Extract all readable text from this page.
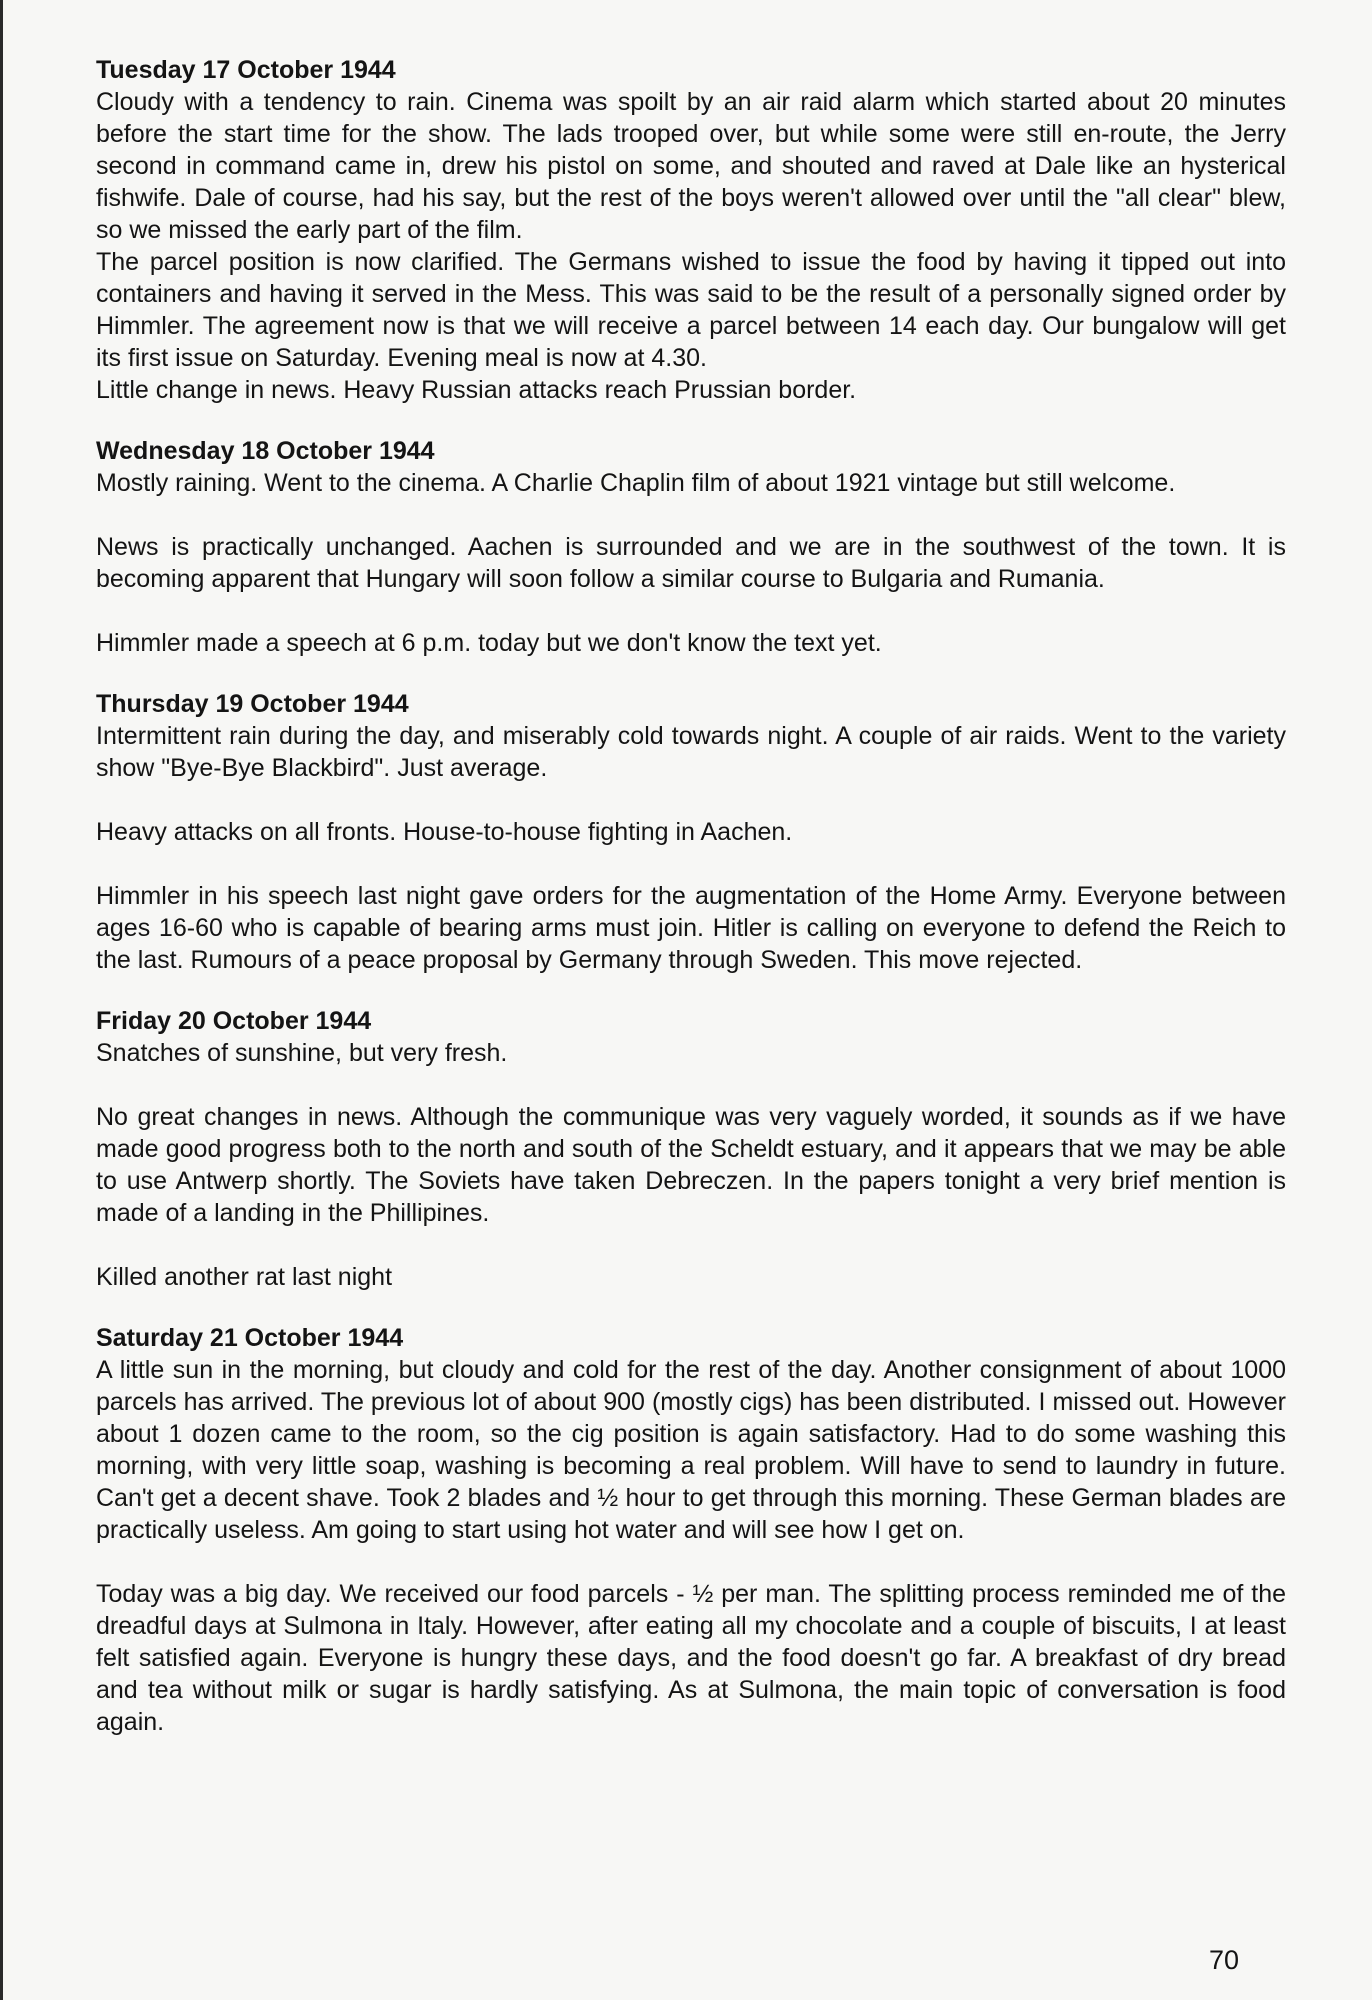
Tuesday 17 October 1944

Cloudy with a tendency to rain. Cinema was spoilt by an air raid alarm which started about 20 minutes before the start time for the show. The lads trooped over, but while some were still en-route, the Jerry second in command came in, drew his pistol on some, and shouted and raved at Dale like an hysterical fishwife. Dale of course, had his say, but the rest of the boys weren't allowed over until the "all clear" blew, so we missed the early part of the film.

The parcel position is now clarified. The Germans wished to issue the food by having it tipped out into containers and having it served in the Mess. This was said to be the result of a personally signed order by Himmler. The agreement now is that we will receive a parcel between 14 each day. Our bungalow will get its first issue on Saturday. Evening meal is now at 4.30.

Little change in news. Heavy Russian attacks reach Prussian border.

Wednesday 18 October 1944

Mostly raining. Went to the cinema. A Charlie Chaplin film of about 1921 vintage but still welcome.

News is practically unchanged. Aachen is surrounded and we are in the southwest of the town. It is becoming apparent that Hungary will soon follow a similar course to Bulgaria and Rumania.

Himmler made a speech at 6 p.m. today but we don't know the text yet.

Thursday 19 October 1944

Intermittent rain during the day, and miserably cold towards night. A couple of air raids. Went to the variety show "Bye-Bye Blackbird". Just average.

Heavy attacks on all fronts. House-to-house fighting in Aachen.

Himmler in his speech last night gave orders for the augmentation of the Home Army. Everyone between ages 16-60 who is capable of bearing arms must join. Hitler is calling on everyone to defend the Reich to the last. Rumours of a peace proposal by Germany through Sweden. This move rejected.

Friday 20 October 1944

Snatches of sunshine, but very fresh.

No great changes in news. Although the communique was very vaguely worded, it sounds as if we have made good progress both to the north and south of the Scheldt estuary, and it appears that we may be able to use Antwerp shortly. The Soviets have taken Debreczen. In the papers tonight a very brief mention is made of a landing in the Phillipines.

Killed another rat last night

Saturday 21 October 1944

A little sun in the morning, but cloudy and cold for the rest of the day. Another consignment of about 1000 parcels has arrived. The previous lot of about 900 (mostly cigs) has been distributed. I missed out. However about 1 dozen came to the room, so the cig position is again satisfactory. Had to do some washing this morning, with very little soap, washing is becoming a real problem. Will have to send to laundry in future. Can't get a decent shave. Took 2 blades and ½ hour to get through this morning. These German blades are practically useless. Am going to start using hot water and will see how I get on.

Today was a big day. We received our food parcels - ½ per man. The splitting process reminded me of the dreadful days at Sulmona in Italy. However, after eating all my chocolate and a couple of biscuits, I at least felt satisfied again. Everyone is hungry these days, and the food doesn't go far. A breakfast of dry bread and tea without milk or sugar is hardly satisfying. As at Sulmona, the main topic of conversation is food again.

70
